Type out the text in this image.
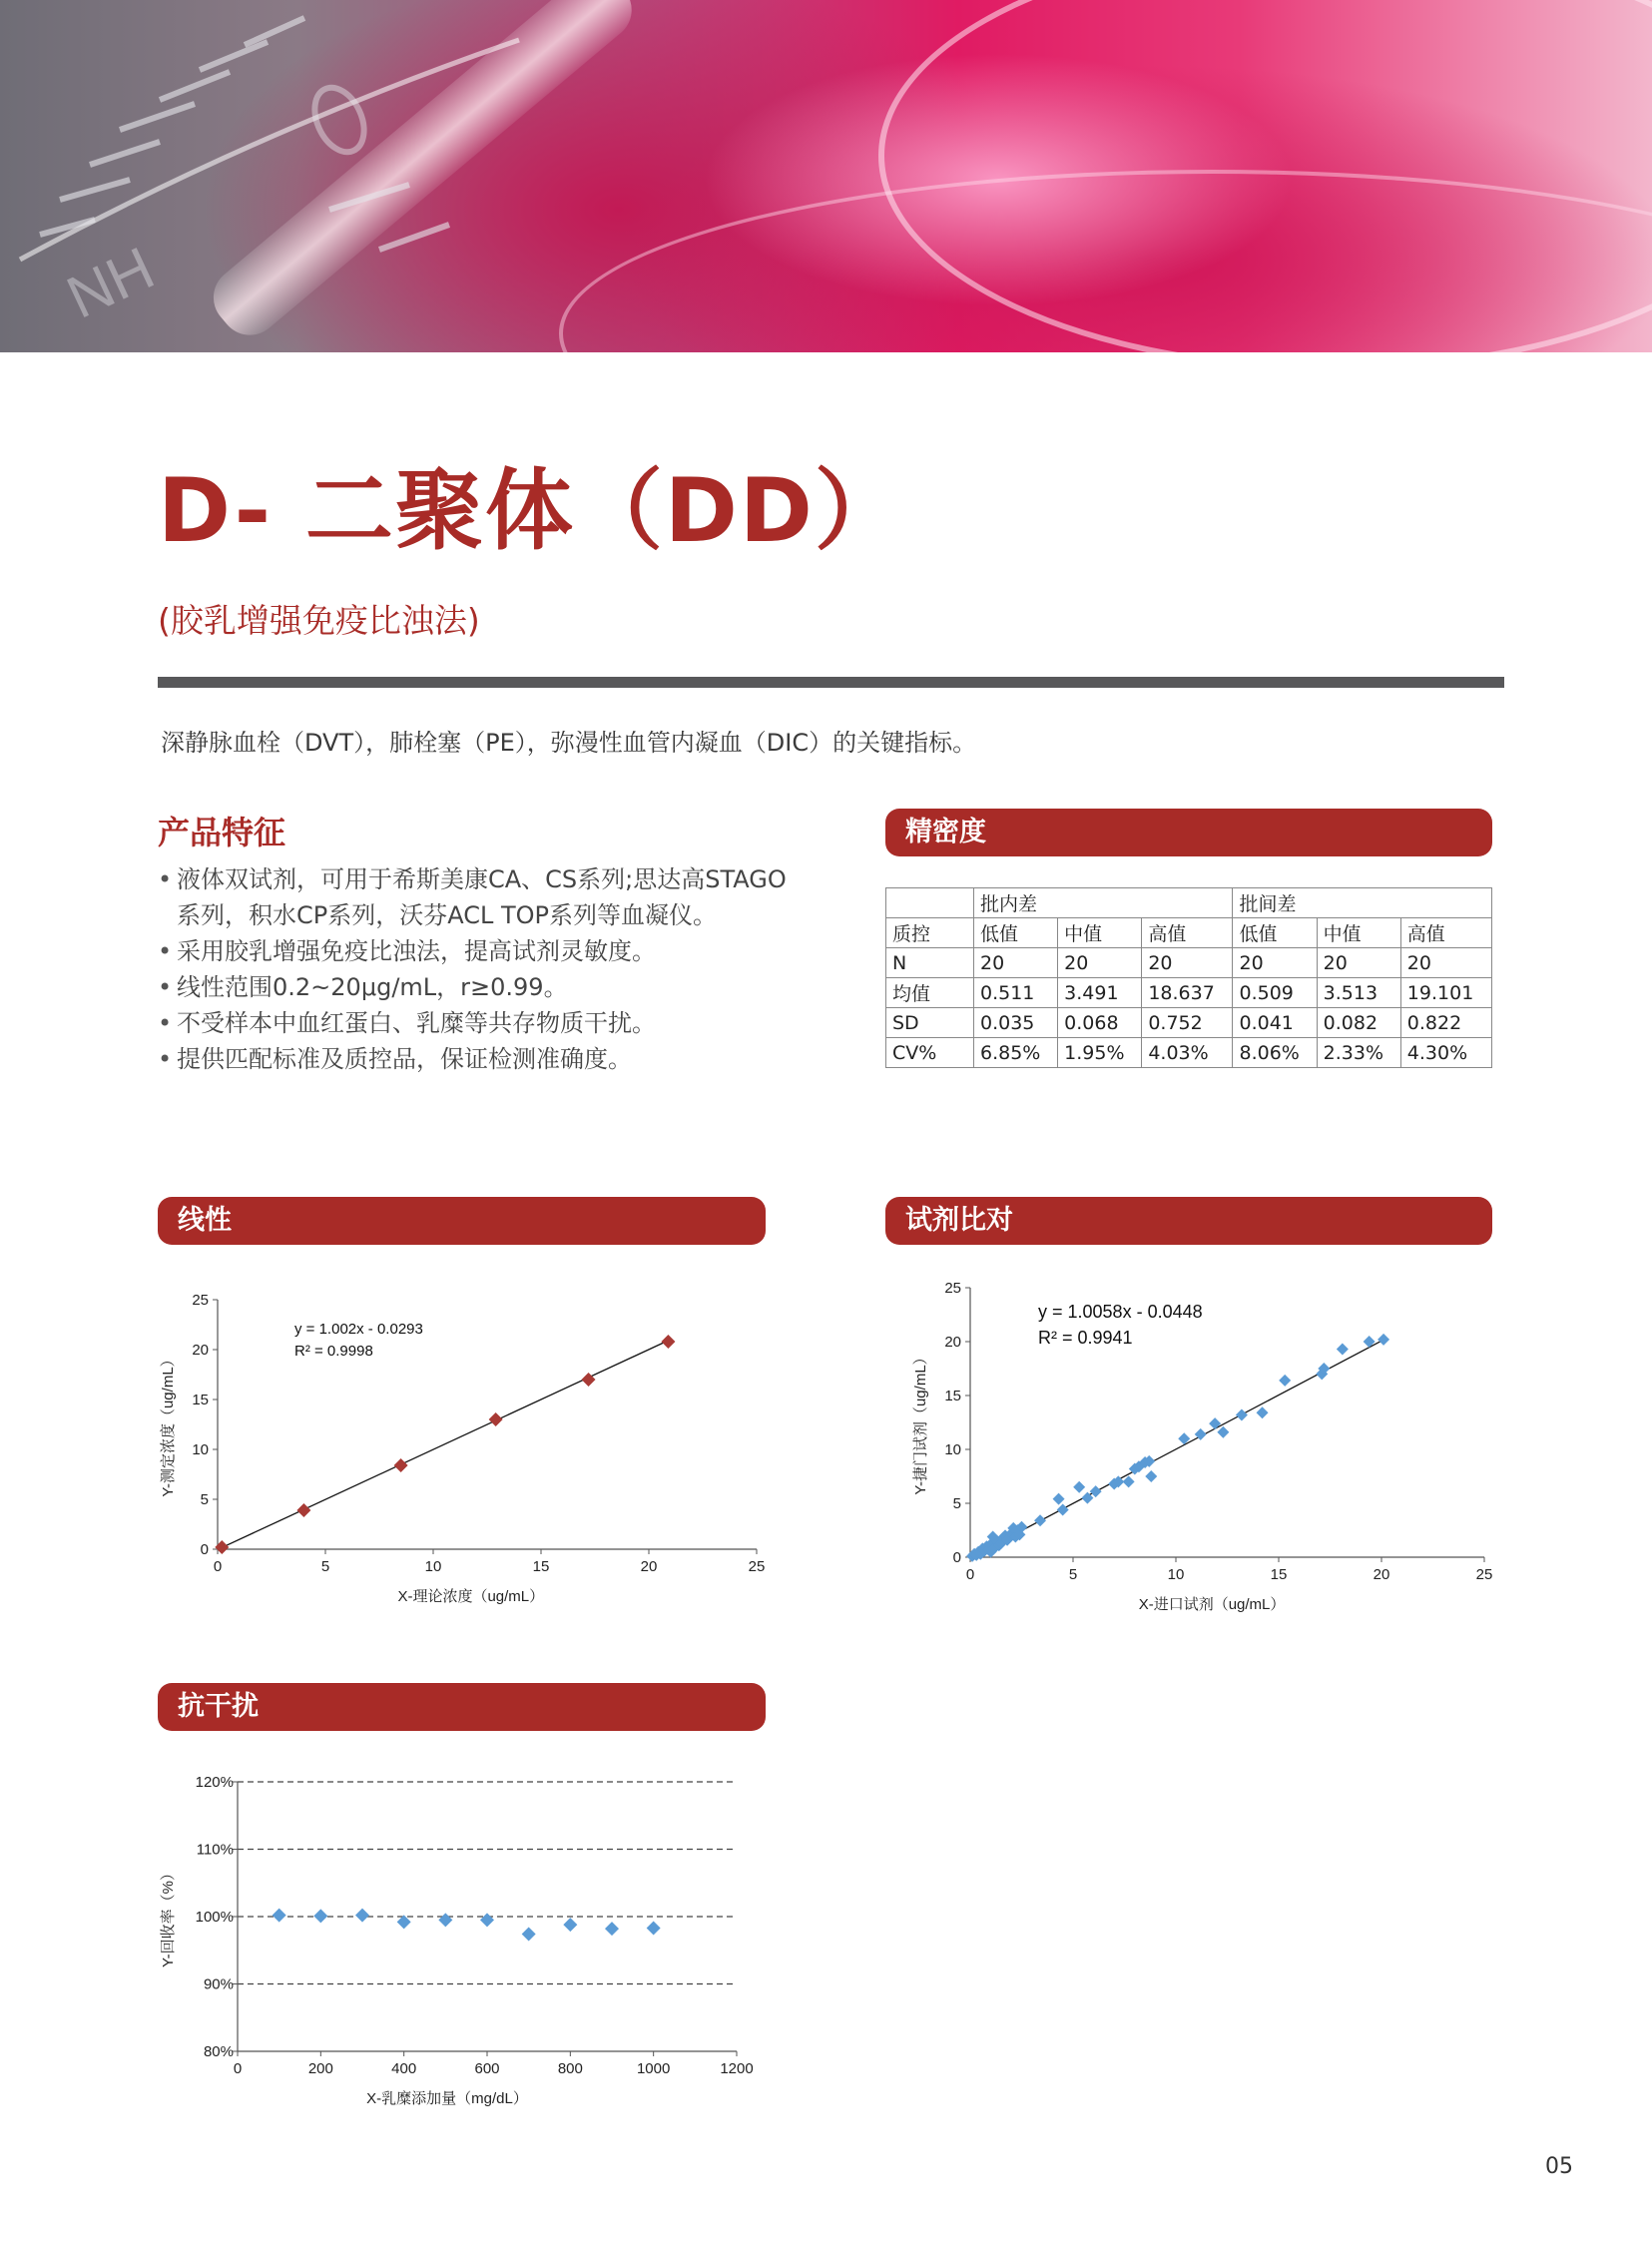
NH
D- 二聚体（DD）
(胶乳增强免疫比浊法)
深静脉血栓（DVT），肺栓塞（PE），弥漫性血管内凝血（DIC）的关键指标。
产品特征
• 液体双试剂，可用于希斯美康CA、CS系列;思达高STAGO系列，积水CP系列，沃芬ACL TOP系列等血凝仪。
• 采用胶乳增强免疫比浊法，提高试剂灵敏度。
• 线性范围0.2~20μg/mL，r≥0.99。
• 不受样本中血红蛋白、乳糜等共存物质干扰。
• 提供匹配标准及质控品，保证检测准确度。
精密度
	批内差			批间差		
质控	低值	中值	高值	低值	中值	高值
N	20	20	20	20	20	20
均值	0.511	3.491	18.637	0.509	3.513	19.101
SD	0.035	0.068	0.752	0.041	0.082	0.822
CV%	6.85%	1.95%	4.03%	8.06%	2.33%	4.30%
线性	试剂比对
抗干扰
0	5	10	15	20	25
0
5
10
15
20
25
y = 1.002x - 0.0293
R² = 0.9998
X-理论浓度（ug/mL）
Y-测定浓度（ug/mL）
0	5	10	15	20	25
0
5
10
15
20
25
y = 1.0058x - 0.0448
R² = 0.9941
X-进口试剂（ug/mL）
Y-捷门试剂（ug/mL）
80%
90%
100%
110%
120%
0	200	400	600	800	1000	1200
X-乳糜添加量（mg/dL）
Y-回收率（%）
05
